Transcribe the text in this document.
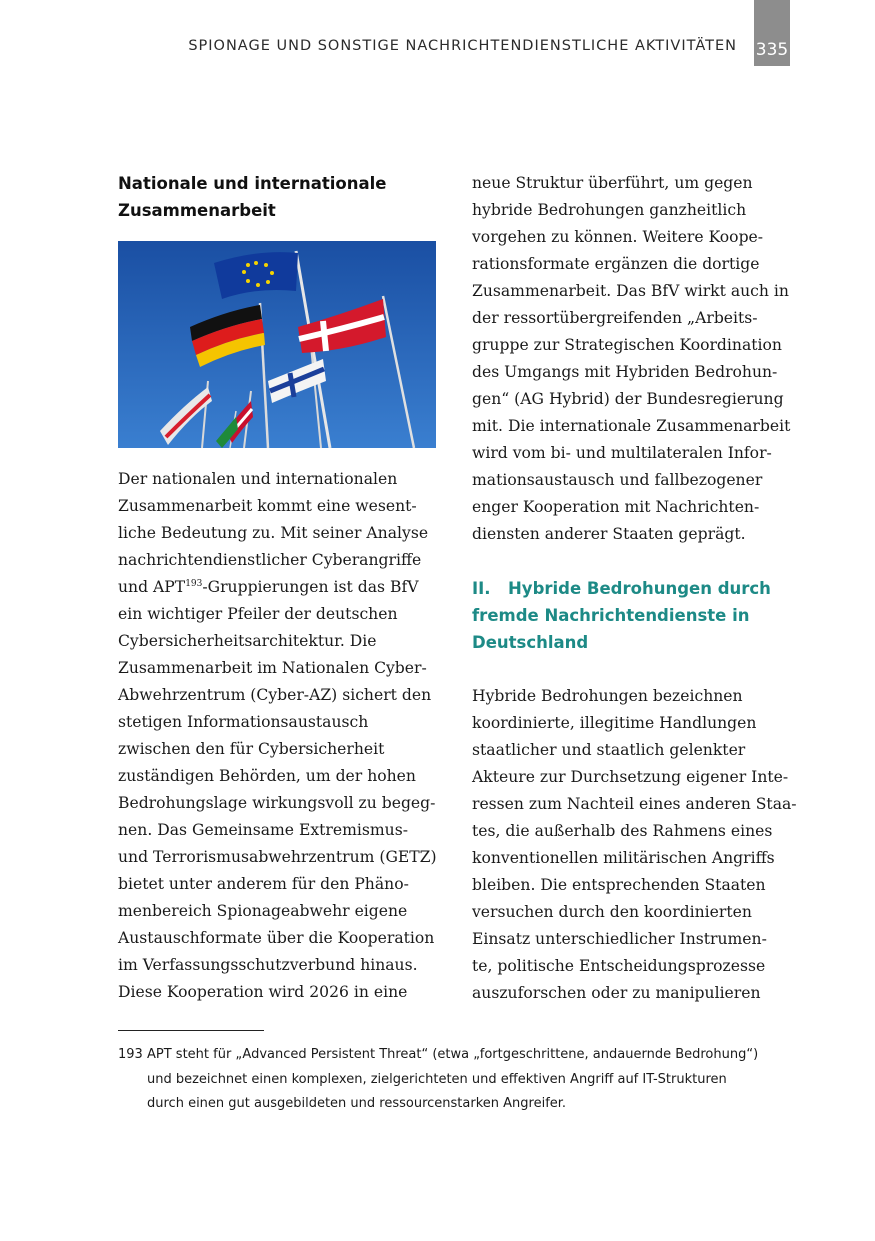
SPIONAGE UND SONSTIGE NACHRICHTENDIENSTLICHE AKTIVITÄTEN 335
Nationale und internationale
Zusammenarbeit

Der nationalen und internationalen
Zusammenarbeit kommt eine wesent-
liche Bedeutung zu. Mit seiner Analyse
nachrichtendienstlicher Cyberangriffe
und APT$^{193}$-Gruppierungen ist das BfV
ein wichtiger Pfeiler der deutschen
Cybersicherheitsarchitektur. Die
Zusammenarbeit im Nationalen Cyber-
Abwehrzentrum (Cyber-AZ) sichert den
stetigen Informationsaustausch
zwischen den für Cybersicherheit
zuständigen Behörden, um der hohen
Bedrohungslage wirkungsvoll zu begeg-
nen. Das Gemeinsame Extremismus-
und Terrorismusabwehrzentrum (GETZ)
bietet unter anderem für den Phäno-
menbereich Spionageabwehr eigene
Austauschformate über die Kooperation
im Verfassungsschutzverbund hinaus.
Diese Kooperation wird 2026 in eine

neue Struktur überführt, um gegen
hybride Bedrohungen ganzheitlich
vorgehen zu können. Weitere Koope-
rationsformate ergänzen die dortige
Zusammenarbeit. Das BfV wirkt auch in
der ressortübergreifenden „Arbeits-
gruppe zur Strategischen Koordination
des Umgangs mit Hybriden Bedrohun-
gen“ (AG Hybrid) der Bundesregierung
mit. Die internationale Zusammenarbeit
wird vom bi- und multilateralen Infor-
mationsaustausch und fallbezogener
enger Kooperation mit Nachrichten-
diensten anderer Staaten geprägt.

II. Hybride Bedrohungen durch
fremde Nachrichtendienste in
Deutschland

Hybride Bedrohungen bezeichnen
koordinierte, illegitime Handlungen
staatlicher und staatlich gelenkter
Akteure zur Durchsetzung eigener Inte-
ressen zum Nachteil eines anderen Staa-
tes, die außerhalb des Rahmens eines
konventionellen militärischen Angriffs
bleiben. Die entsprechenden Staaten
versuchen durch den koordinierten
Einsatz unterschiedlicher Instrumen-
te, politische Entscheidungsprozesse
auszuforschen oder zu manipulieren

193 APT steht für „Advanced Persistent Threat“ (etwa „fortgeschrittene, andauernde Bedrohung“)
und bezeichnet einen komplexen, zielgerichteten und effektiven Angriff auf IT-Strukturen
durch einen gut ausgebildeten und ressourcenstarken Angreifer.
